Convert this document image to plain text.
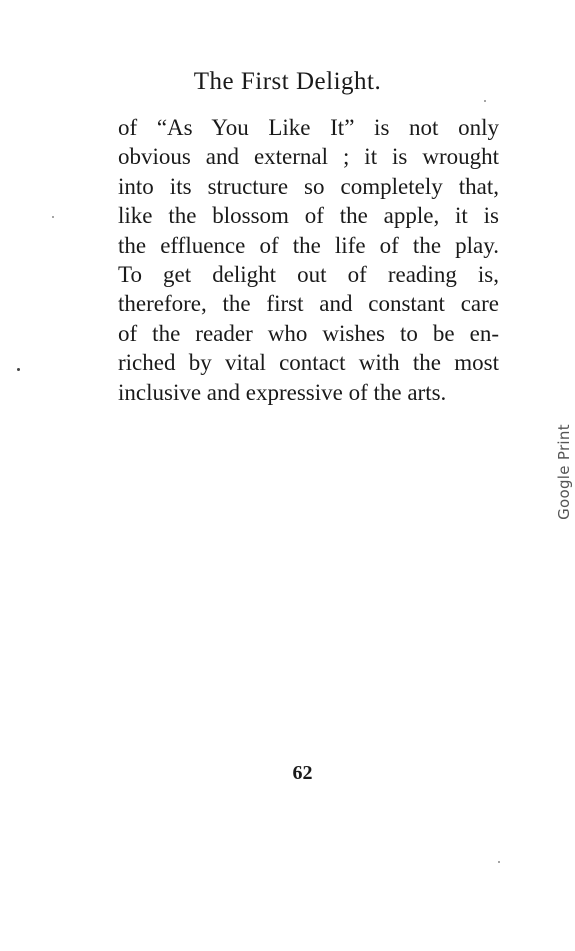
The First Delight.
of “As You Like It” is not only
obvious and external ; it is wrought
into its structure so completely that,
like the blossom of the apple, it is
the effluence of the life of the play.
To get delight out of reading is,
therefore, the first and constant care
of the reader who wishes to be en-
riched by vital contact with the most
inclusive and expressive of the arts.
62
Google Print
